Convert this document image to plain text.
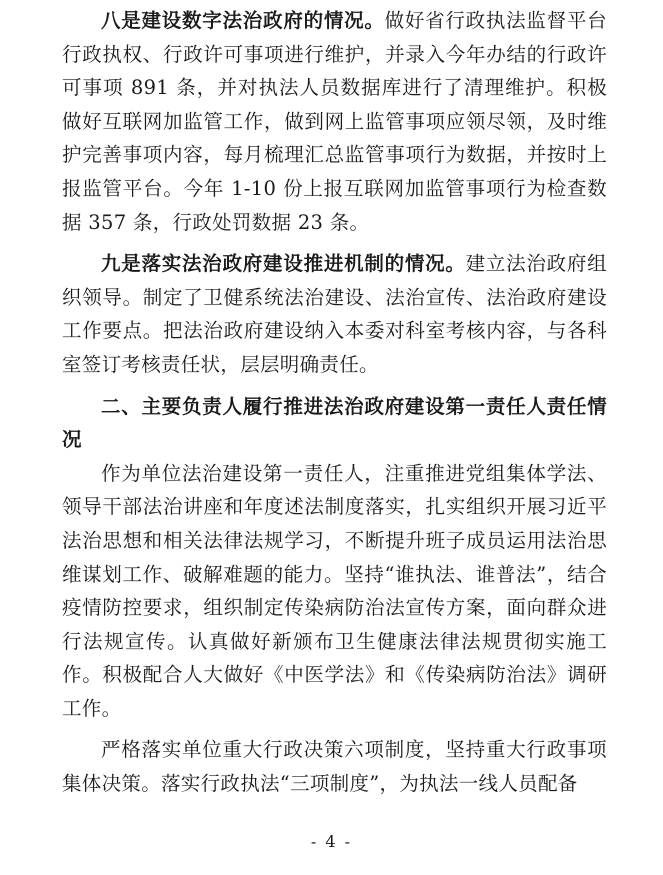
八是建设数字法治政府的情况。做好省行政执法监督平台行政执权、行政许可事项进行维护，并录入今年办结的行政许可事项 891 条，并对执法人员数据库进行了清理维护。积极做好互联网加监管工作，做到网上监管事项应领尽领，及时维护完善事项内容，每月梳理汇总监管事项行为数据，并按时上报监管平台。今年 1-10 份上报互联网加监管事项行为检查数据 357 条，行政处罚数据 23 条。

九是落实法治政府建设推进机制的情况。建立法治政府组织领导。制定了卫健系统法治建设、法治宣传、法治政府建设工作要点。把法治政府建设纳入本委对科室考核内容，与各科室签订考核责任状，层层明确责任。

二、主要负责人履行推进法治政府建设第一责任人责任情况

作为单位法治建设第一责任人，注重推进党组集体学法、领导干部法治讲座和年度述法制度落实，扎实组织开展习近平法治思想和相关法律法规学习，不断提升班子成员运用法治思维谋划工作、破解难题的能力。坚持“谁执法、谁普法”，结合疫情防控要求，组织制定传染病防治法宣传方案，面向群众进行法规宣传。认真做好新颁布卫生健康法律法规贯彻实施工作。积极配合人大做好《中医学法》和《传染病防治法》调研工作。

严格落实单位重大行政决策六项制度，坚持重大行政事项集体决策。落实行政执法“三项制度”，为执法一线人员配备

- 4 -
